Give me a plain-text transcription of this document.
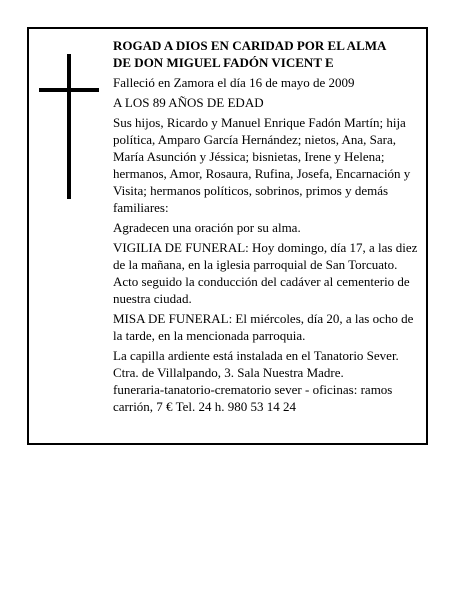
ROGAD A DIOS EN CARIDAD POR EL ALMA

DE DON MIGUEL FADÓN VICENT E

Falleció en Zamora el día 16 de mayo de 2009

A LOS 89 AÑOS DE EDAD

Sus hijos, Ricardo y Manuel Enrique Fadón Martín; hija política, Amparo García Hernández; nietos, Ana, Sara, María Asunción y Jéssica; bisnietas, Irene y Helena; hermanos, Amor, Rosaura, Rufina, Josefa, Encarnación y Visita; hermanos políticos, sobrinos, primos y demás familiares:

Agradecen una oración por su alma.

VIGILIA DE FUNERAL: Hoy domingo, día 17, a las diez de la mañana, en la iglesia parroquial de San Torcuato. Acto seguido la conducción del cadáver al cementerio de nuestra ciudad.

MISA DE FUNERAL: El miércoles, día 20, a las ocho de la tarde, en la mencionada parroquia.

La capilla ardiente está instalada en el Tanatorio Sever. Ctra. de Villalpando, 3. Sala Nuestra Madre.

funeraria-tanatorio-crematorio sever - oficinas: ramos carrión, 7 € Tel. 24 h. 980 53 14 24
